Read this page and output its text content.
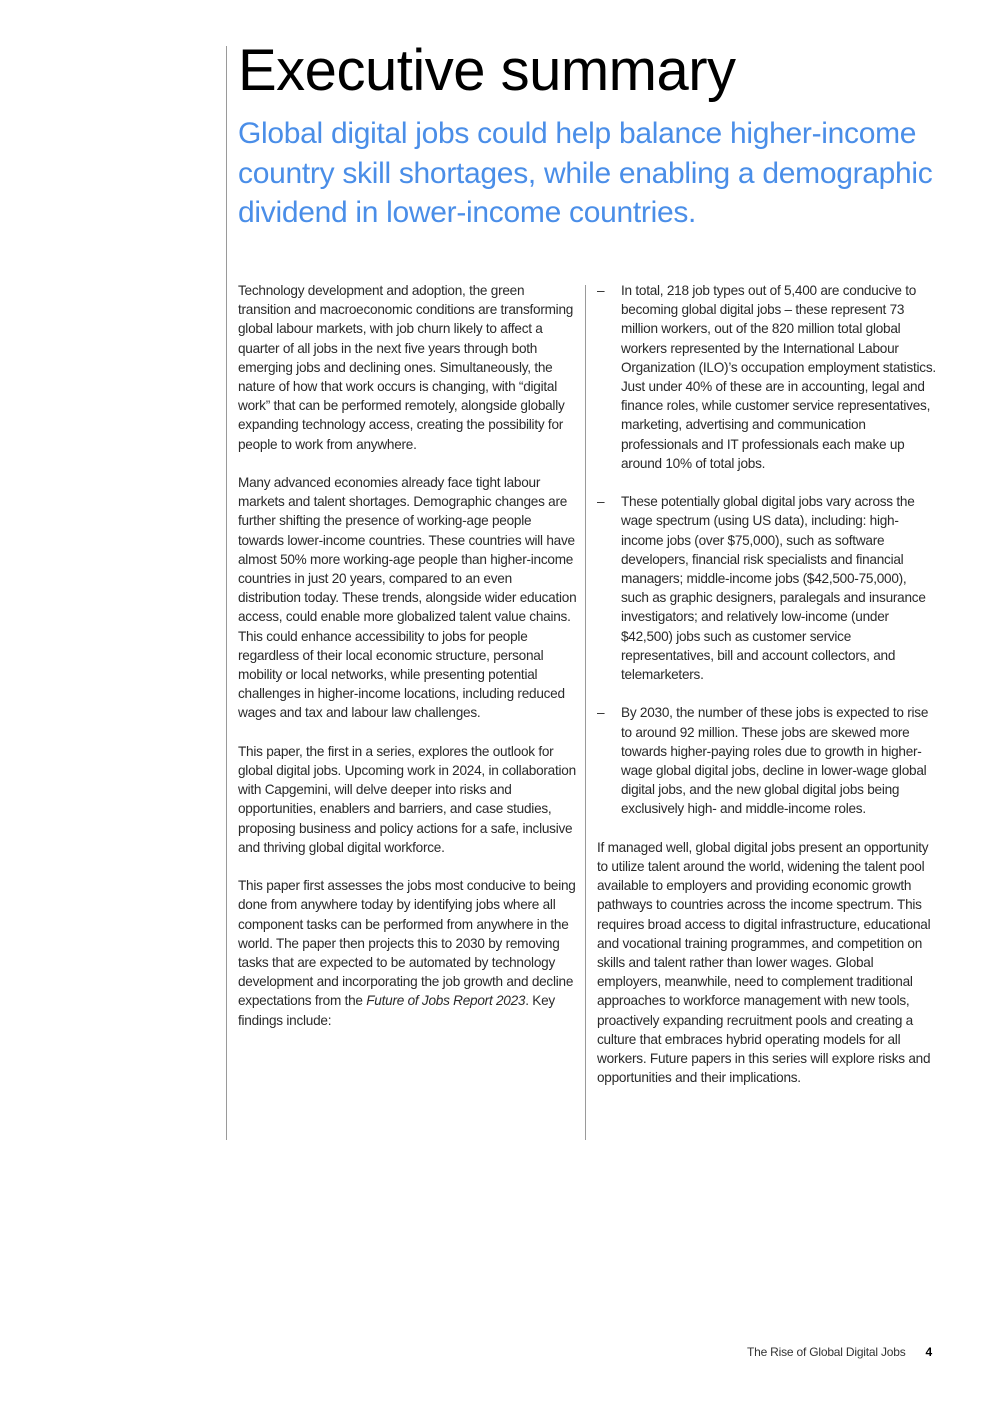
Executive summary
Global digital jobs could help balance higher-income country skill shortages, while enabling a demographic dividend in lower-income countries.

Technology development and adoption, the green transition and macroeconomic conditions are transforming global labour markets, with job churn likely to affect a quarter of all jobs in the next five years through both emerging jobs and declining ones. Simultaneously, the nature of how that work occurs is changing, with “digital work” that can be performed remotely, alongside globally expanding technology access, creating the possibility for people to work from anywhere.

Many advanced economies already face tight labour markets and talent shortages. Demographic changes are further shifting the presence of working-age people towards lower-income countries. These countries will have almost 50% more working-age people than higher-income countries in just 20 years, compared to an even distribution today. These trends, alongside wider education access, could enable more globalized talent value chains. This could enhance accessibility to jobs for people regardless of their local economic structure, personal mobility or local networks, while presenting potential challenges in higher-income locations, including reduced wages and tax and labour law challenges.

This paper, the first in a series, explores the outlook for global digital jobs. Upcoming work in 2024, in collaboration with Capgemini, will delve deeper into risks and opportunities, enablers and barriers, and case studies, proposing business and policy actions for a safe, inclusive and thriving global digital workforce.

This paper first assesses the jobs most conducive to being done from anywhere today by identifying jobs where all component tasks can be performed from anywhere in the world. The paper then projects this to 2030 by removing tasks that are expected to be automated by technology development and incorporating the job growth and decline expectations from the Future of Jobs Report 2023. Key findings include:

– In total, 218 job types out of 5,400 are conducive to becoming global digital jobs – these represent 73 million workers, out of the 820 million total global workers represented by the International Labour Organization (ILO)’s occupation employment statistics. Just under 40% of these are in accounting, legal and finance roles, while customer service representatives, marketing, advertising and communication professionals and IT professionals each make up around 10% of total jobs.
– These potentially global digital jobs vary across the wage spectrum (using US data), including: high-income jobs (over $75,000), such as software developers, financial risk specialists and financial managers; middle-income jobs ($42,500-75,000), such as graphic designers, paralegals and insurance investigators; and relatively low-income (under $42,500) jobs such as customer service representatives, bill and account collectors, and telemarketers.
– By 2030, the number of these jobs is expected to rise to around 92 million. These jobs are skewed more towards higher-paying roles due to growth in higher-wage global digital jobs, decline in lower-wage global digital jobs, and the new global digital jobs being exclusively high- and middle-income roles.

If managed well, global digital jobs present an opportunity to utilize talent around the world, widening the talent pool available to employers and providing economic growth pathways to countries across the income spectrum. This requires broad access to digital infrastructure, educational and vocational training programmes, and competition on skills and talent rather than lower wages. Global employers, meanwhile, need to complement traditional approaches to workforce management with new tools, proactively expanding recruitment pools and creating a culture that embraces hybrid operating models for all workers. Future papers in this series will explore risks and opportunities and their implications.

The Rise of Global Digital Jobs 4
